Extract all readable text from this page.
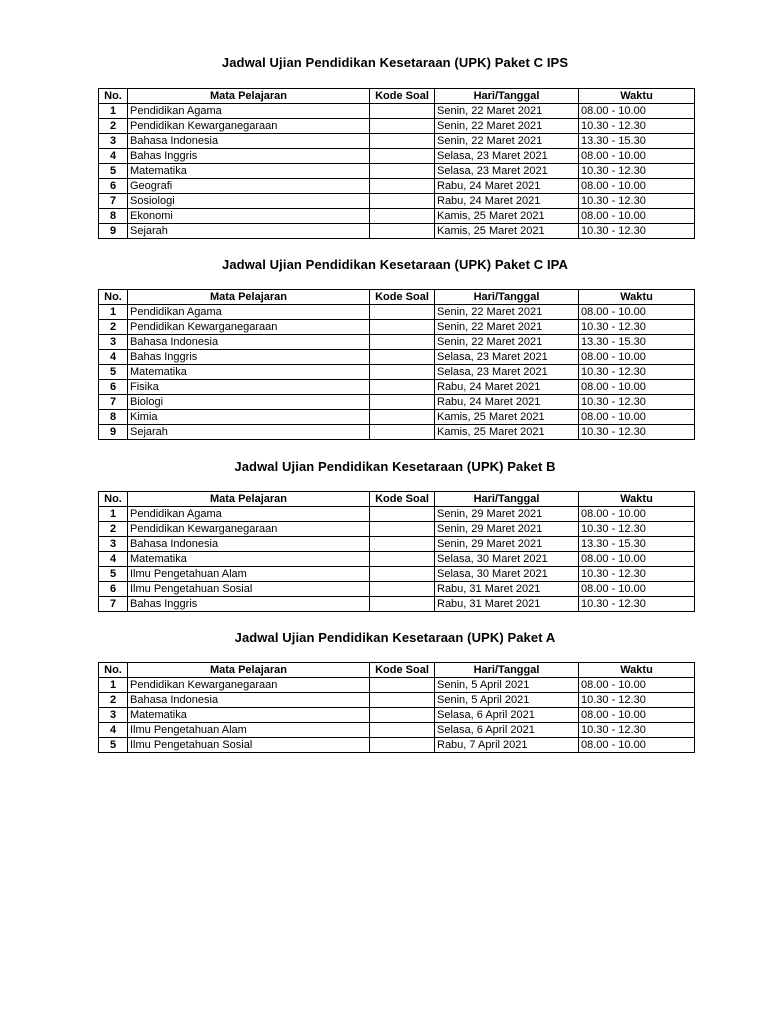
Jadwal Ujian Pendidikan Kesetaraan (UPK) Paket C IPS
No.	Mata Pelajaran	Kode Soal	Hari/Tanggal	Waktu
1	Pendidikan Agama		Senin, 22 Maret 2021	08.00 - 10.00
2	Pendidikan Kewarganegaraan		Senin, 22 Maret 2021	10.30 - 12.30
3	Bahasa Indonesia		Senin, 22 Maret 2021	13.30 - 15.30
4	Bahas Inggris		Selasa, 23 Maret 2021	08.00 - 10.00
5	Matematika		Selasa, 23 Maret 2021	10.30 - 12.30
6	Geografi		Rabu, 24 Maret 2021	08.00 - 10.00
7	Sosiologi		Rabu, 24 Maret 2021	10.30 - 12.30
8	Ekonomi		Kamis, 25 Maret 2021	08.00 - 10.00
9	Sejarah		Kamis, 25 Maret 2021	10.30 - 12.30
Jadwal Ujian Pendidikan Kesetaraan (UPK) Paket C IPA
No.	Mata Pelajaran	Kode Soal	Hari/Tanggal	Waktu
1	Pendidikan Agama		Senin, 22 Maret 2021	08.00 - 10.00
2	Pendidikan Kewarganegaraan		Senin, 22 Maret 2021	10.30 - 12.30
3	Bahasa Indonesia		Senin, 22 Maret 2021	13.30 - 15.30
4	Bahas Inggris		Selasa, 23 Maret 2021	08.00 - 10.00
5	Matematika		Selasa, 23 Maret 2021	10.30 - 12.30
6	Fisika		Rabu, 24 Maret 2021	08.00 - 10.00
7	Biologi		Rabu, 24 Maret 2021	10.30 - 12.30
8	Kimia		Kamis, 25 Maret 2021	08.00 - 10.00
9	Sejarah		Kamis, 25 Maret 2021	10.30 - 12.30
Jadwal Ujian Pendidikan Kesetaraan (UPK) Paket B
No.	Mata Pelajaran	Kode Soal	Hari/Tanggal	Waktu
1	Pendidikan Agama		Senin, 29 Maret 2021	08.00 - 10.00
2	Pendidikan Kewarganegaraan		Senin, 29 Maret 2021	10.30 - 12.30
3	Bahasa Indonesia		Senin, 29 Maret 2021	13.30 - 15.30
4	Matematika		Selasa, 30 Maret 2021	08.00 - 10.00
5	Ilmu Pengetahuan Alam		Selasa, 30 Maret 2021	10.30 - 12.30
6	Ilmu Pengetahuan Sosial		Rabu, 31 Maret 2021	08.00 - 10.00
7	Bahas Inggris		Rabu, 31 Maret 2021	10.30 - 12.30
Jadwal Ujian Pendidikan Kesetaraan (UPK) Paket A
No.	Mata Pelajaran	Kode Soal	Hari/Tanggal	Waktu
1	Pendidikan Kewarganegaraan		Senin, 5 April 2021	08.00 - 10.00
2	Bahasa Indonesia		Senin, 5 April 2021	10.30 - 12.30
3	Matematika		Selasa, 6 April 2021	08.00 - 10.00
4	Ilmu Pengetahuan Alam		Selasa, 6 April 2021	10.30 - 12.30
5	Ilmu Pengetahuan Sosial		Rabu, 7 April 2021	08.00 - 10.00
